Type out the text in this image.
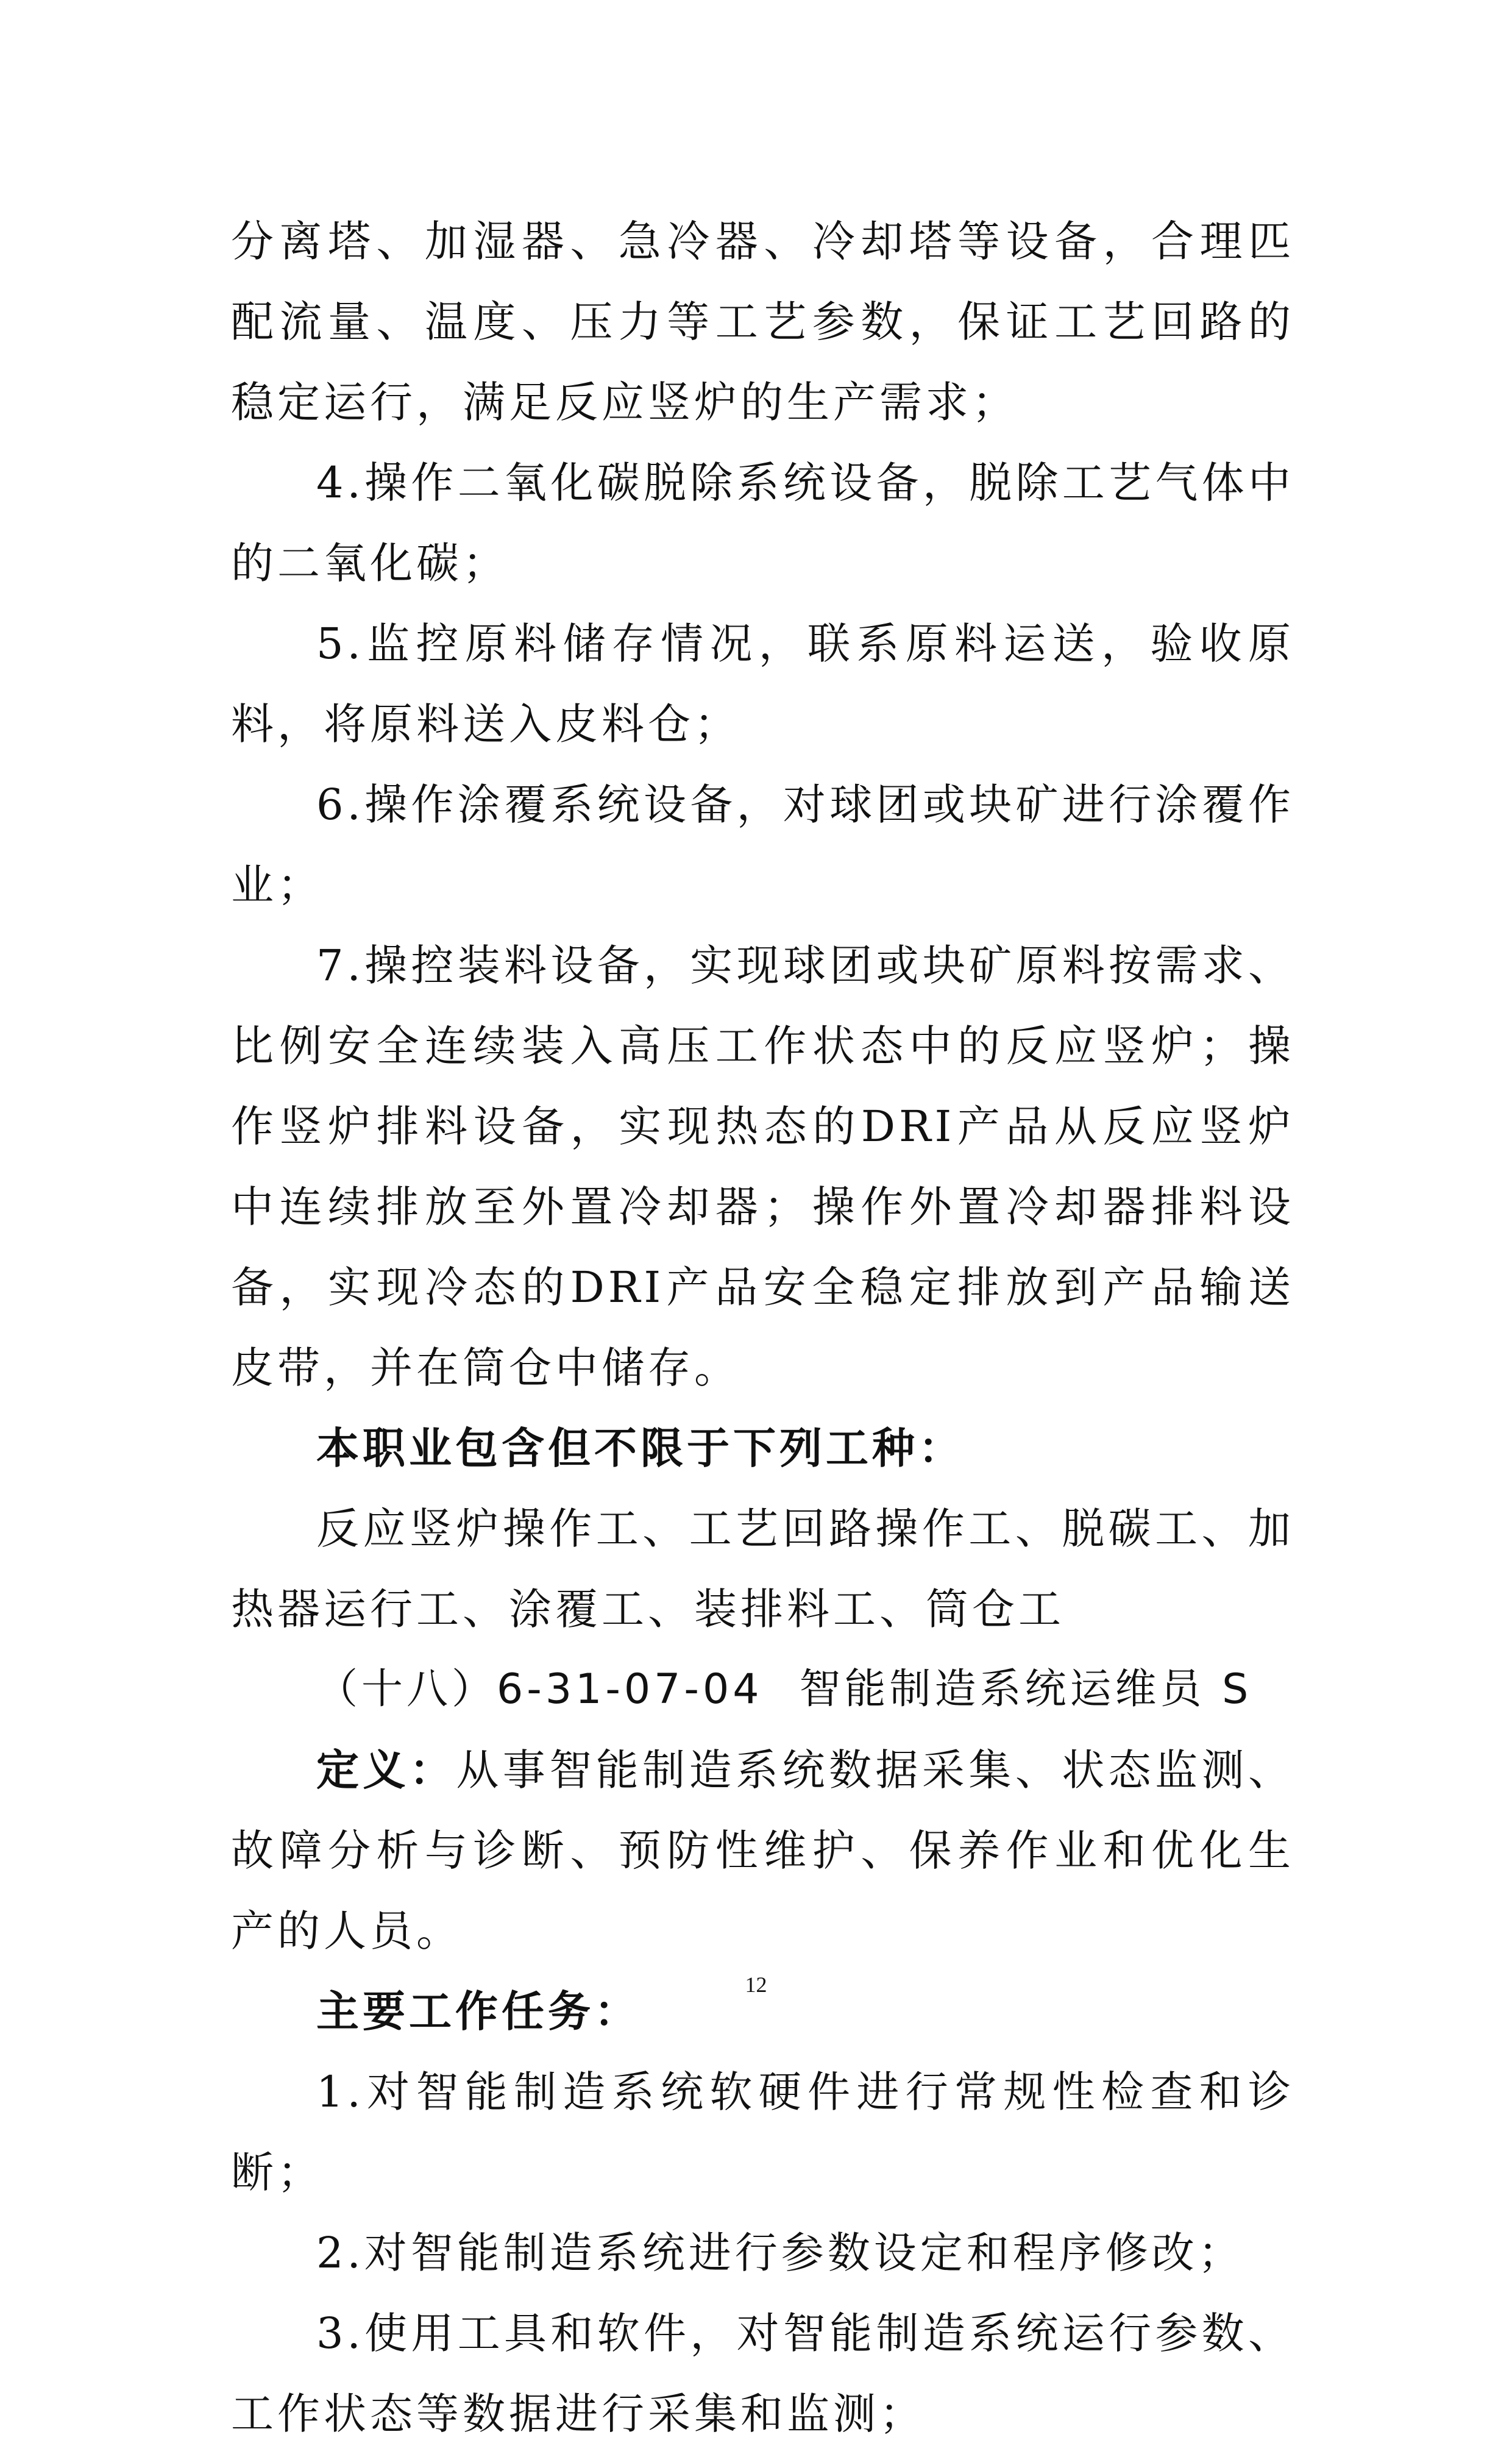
分离塔、加湿器、急冷器、冷却塔等设备，合理匹配流量、温度、压力等工艺参数，保证工艺回路的稳定运行，满足反应竖炉的生产需求；

4.操作二氧化碳脱除系统设备，脱除工艺气体中的二氧化碳；

5.监控原料储存情况，联系原料运送，验收原料，将原料送入皮料仓；

6.操作涂覆系统设备，对球团或块矿进行涂覆作业；

7.操控装料设备，实现球团或块矿原料按需求、比例安全连续装入高压工作状态中的反应竖炉；操作竖炉排料设备，实现热态的DRI产品从反应竖炉中连续排放至外置冷却器；操作外置冷却器排料设备，实现冷态的DRI产品安全稳定排放到产品输送皮带，并在筒仓中储存。

本职业包含但不限于下列工种：

反应竖炉操作工、工艺回路操作工、脱碳工、加热器运行工、涂覆工、装排料工、筒仓工

（十八）6-31-07-04 智能制造系统运维员 S

定义：从事智能制造系统数据采集、状态监测、故障分析与诊断、预防性维护、保养作业和优化生产的人员。

主要工作任务：

1.对智能制造系统软硬件进行常规性检查和诊断；

2.对智能制造系统进行参数设定和程序修改；

3.使用工具和软件，对智能制造系统运行参数、工作状态等数据进行采集和监测；

12
